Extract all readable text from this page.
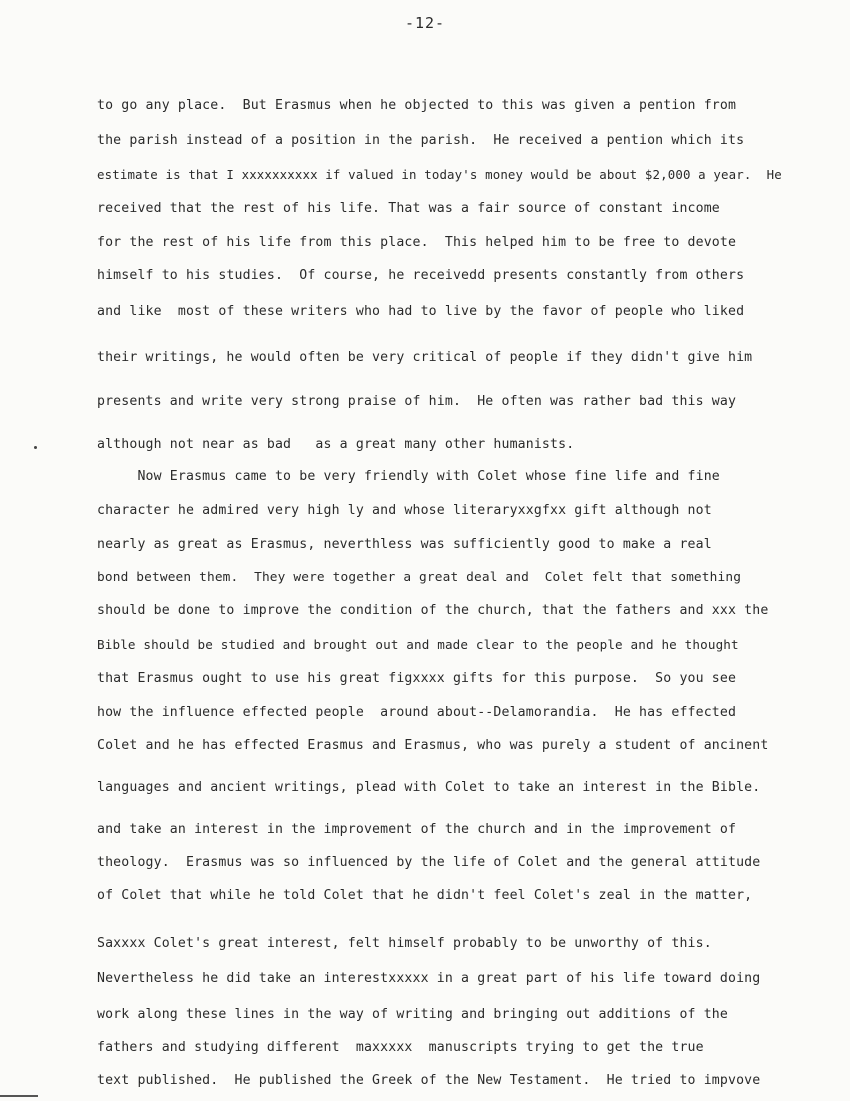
-12-
to go any place.  But Erasmus when he objected to this was given a pention from
the parish instead of a position in the parish.  He received a pention which its
estimate is that I xxxxxxxxxx if valued in today's money would be about $2,000 a year.  He
received that the rest of his life. That was a fair source of constant income
for the rest of his life from this place.  This helped him to be free to devote
himself to his studies.  Of course, he receivedd presents constantly from others
and like  most of these writers who had to live by the favor of people who liked
their writings, he would often be very critical of people if they didn't give him
presents and write very strong praise of him.  He often was rather bad this way
although not near as bad   as a great many other humanists.
Now Erasmus came to be very friendly with Colet whose fine life and fine
character he admired very high ly and whose literaryxxgfxx gift although not
nearly as great as Erasmus, neverthless was sufficiently good to make a real
bond between them.  They were together a great deal and  Colet felt that something
should be done to improve the condition of the church, that the fathers and xxx the
Bible should be studied and brought out and made clear to the people and he thought
that Erasmus ought to use his great figxxxx gifts for this purpose.  So you see
how the influence effected people  around about--Delamorandia.  He has effected
Colet and he has effected Erasmus and Erasmus, who was purely a student of ancinent
languages and ancient writings, plead with Colet to take an interest in the Bible.
and take an interest in the improvement of the church and in the improvement of
theology.  Erasmus was so influenced by the life of Colet and the general attitude
of Colet that while he told Colet that he didn't feel Colet's zeal in the matter,
Saxxxx Colet's great interest, felt himself probably to be unworthy of this.
Nevertheless he did take an interestxxxxx in a great part of his life toward doing
work along these lines in the way of writing and bringing out additions of the
fathers and studying different  maxxxxx  manuscripts trying to get the true
text published.  He published the Greek of the New Testament.  He tried to impvove
